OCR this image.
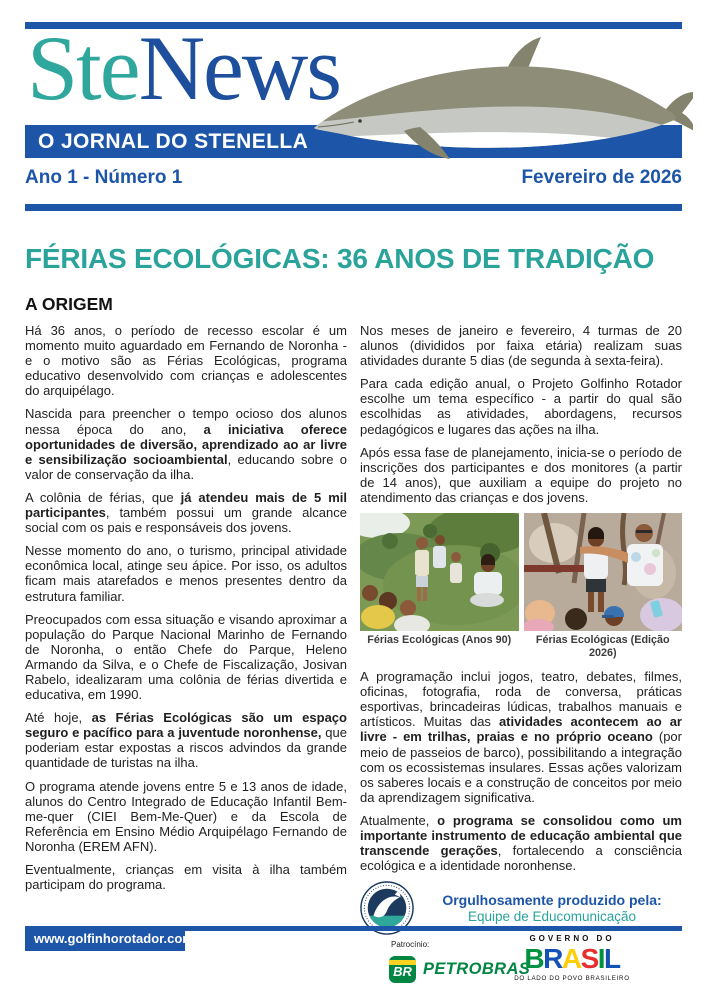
SteNews
O JORNAL DO STENELLA
Ano 1 - Número 1	Fevereiro de 2026
FÉRIAS ECOLÓGICAS: 36 ANOS DE TRADIÇÃO
A ORIGEM

Há 36 anos, o período de recesso escolar é um momento muito aguardado em Fernando de Noronha - e o motivo são as Férias Ecológicas, programa educativo desenvolvido com crianças e adolescentes do arquipélago.

Nascida para preencher o tempo ocioso dos alunos nessa época do ano, a iniciativa oferece oportunidades de diversão, aprendizado ao ar livre e sensibilização socioambiental, educando sobre o valor de conservação da ilha.

A colônia de férias, que já atendeu mais de 5 mil participantes, também possui um grande alcance social com os pais e responsáveis dos jovens.

Nesse momento do ano, o turismo, principal atividade econômica local, atinge seu ápice. Por isso, os adultos ficam mais atarefados e menos presentes dentro da estrutura familiar.

Preocupados com essa situação e visando aproximar a população do Parque Nacional Marinho de Fernando de Noronha, o então Chefe do Parque, Heleno Armando da Silva, e o Chefe de Fiscalização, Josivan Rabelo, idealizaram uma colônia de férias divertida e educativa, em 1990.

Até hoje, as Férias Ecológicas são um espaço seguro e pacífico para a juventude noronhense, que poderiam estar expostas a riscos advindos da grande quantidade de turistas na ilha.

O programa atende jovens entre 5 e 13 anos de idade, alunos do Centro Integrado de Educação Infantil Bem-me-quer (CIEI Bem-Me-Quer) e da Escola de Referência em Ensino Médio Arquipélago Fernando de Noronha (EREM AFN).

Eventualmente, crianças em visita à ilha também participam do programa.

Nos meses de janeiro e fevereiro, 4 turmas de 20 alunos (divididos por faixa etária) realizam suas atividades durante 5 dias (de segunda à sexta-feira).

Para cada edição anual, o Projeto Golfinho Rotador escolhe um tema específico - a partir do qual são escolhidas as atividades, abordagens, recursos pedagógicos e lugares das ações na ilha.

Após essa fase de planejamento, inicia-se o período de inscrições dos participantes e dos monitores (a partir de 14 anos), que auxiliam a equipe do projeto no atendimento das crianças e dos jovens.

Férias Ecológicas (Anos 90)	Férias Ecológicas (Edição 2026)

A programação inclui jogos, teatro, debates, filmes, oficinas, fotografia, roda de conversa, práticas esportivas, brincadeiras lúdicas, trabalhos manuais e artísticos. Muitas das atividades acontecem ao ar livre - em trilhas, praias e no próprio oceano (por meio de passeios de barco), possibilitando a integração com os ecossistemas insulares. Essas ações valorizam os saberes locais e a construção de conceitos por meio da aprendizagem significativa.

Atualmente, o programa se consolidou como um importante instrumento de educação ambiental que transcende gerações, fortalecendo a consciência ecológica e a identidade noronhense.

Orgulhosamente produzido pela:
Equipe de Educomunicação
www.golfinhorotador.com	Patrocínio:
BR PETROBRAS
GOVERNO DO
BRASIL
DO LADO DO POVO BRASILEIRO
